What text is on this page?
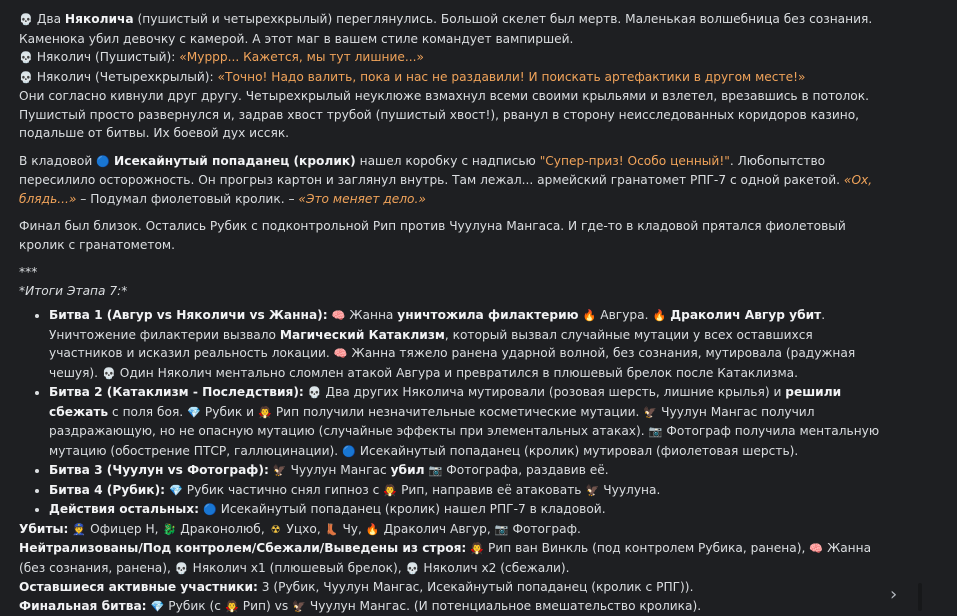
💀 Два Няколича (пушистый и четырехкрылый) переглянулись. Большой скелет был мертв. Маленькая волшебница без сознания. Каменюка убил девочку с камерой. А этот маг в вашем стиле командует вампиршей.

💀 Няколич (Пушистый): «Муррр... Кажется, мы тут лишние...»

💀 Няколич (Четырехкрылый): «Точно! Надо валить, пока и нас не раздавили! И поискать артефактики в другом месте!»

Они согласно кивнули друг другу. Четырехкрылый неуклюже взмахнул всеми своими крыльями и взлетел, врезавшись в потолок. Пушистый просто развернулся и, задрав хвост трубой (пушистый хвост!), рванул в сторону неисследованных коридоров казино, подальше от битвы. Их боевой дух иссяк.

В кладовой 🔵 Исекайнутый попаданец (кролик) нашел коробку с надписью "Супер-приз! Особо ценный!". Любопытство пересилило осторожность. Он прогрыз картон и заглянул внутрь. Там лежал... армейский гранатомет РПГ-7 с одной ракетой. «Ох, блядь...» – Подумал фиолетовый кролик. – «Это меняет дело.»

Финал был близок. Остались Рубик с подконтрольной Рип против Чуулуна Мангаса. И где-то в кладовой прятался фиолетовый кролик с гранатометом.

***

*Итоги Этапа 7:*

• Битва 1 (Авгур vs Няколичи vs Жанна): 🧠 Жанна уничтожила филактерию 🔥 Авгура. 🔥 Драколич Авгур убит. Уничтожение филактерии вызвало Магический Катаклизм, который вызвал случайные мутации у всех оставшихся участников и исказил реальность локации. 🧠 Жанна тяжело ранена ударной волной, без сознания, мутировала (радужная чешуя). 💀 Один Няколич ментально сломлен атакой Авгура и превратился в плюшевый брелок после Катаклизма.
• Битва 2 (Катаклизм - Последствия): 💀 Два других Няколича мутировали (розовая шерсть, лишние крылья) и решили сбежать с поля боя. 💎 Рубик и 🧛 Рип получили незначительные косметические мутации. 🦅 Чуулун Мангас получил раздражающую, но не опасную мутацию (случайные эффекты при элементальных атаках). 📷 Фотограф получила ментальную мутацию (обострение ПТСР, галлюцинации). 🔵 Исекайнутый попаданец (кролик) мутировал (фиолетовая шерсть).
• Битва 3 (Чуулун vs Фотограф): 🦅 Чуулун Мангас убил 📷 Фотографа, раздавив её.
• Битва 4 (Рубик): 💎 Рубик частично снял гипноз с 🧛 Рип, направив её атаковать 🦅 Чуулуна.
• Действия остальных: 🔵 Исекайнутый попаданец (кролик) нашел РПГ-7 в кладовой.

Убиты: 👮 Офицер Н, 🐉 Драконолюб, ☢ Уцхо, 👢 Чу, 🔥 Драколич Авгур, 📷 Фотограф.

Нейтрализованы/Под контролем/Сбежали/Выведены из строя: 🧛 Рип ван Винкль (под контролем Рубика, ранена), 🧠 Жанна (без сознания, ранена), 💀 Няколич х1 (плюшевый брелок), 💀 Няколич х2 (сбежали).

Оставшиеся активные участники: 3 (Рубик, Чуулун Мангас, Исекайнутый попаданец (кролик с РПГ)).

Финальная битва: 💎 Рубик (с 🧛 Рип) vs 🦅 Чуулун Мангас. (И потенциальное вмешательство кролика).

›
